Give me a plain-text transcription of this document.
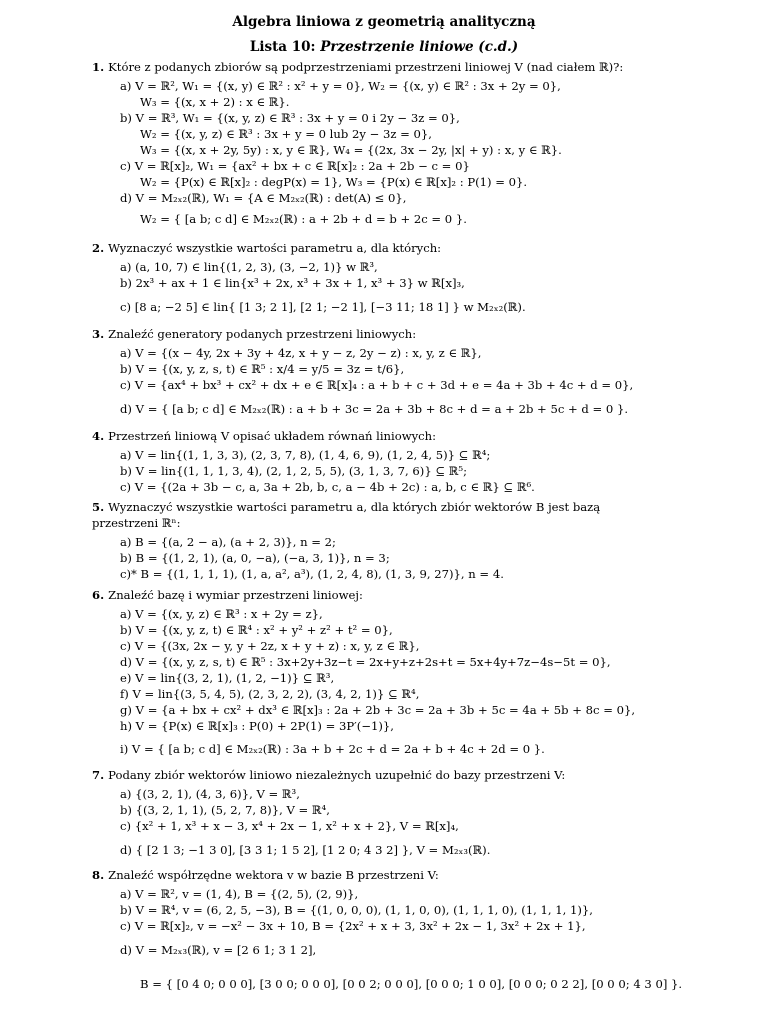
Algebra liniowa z geometrią analityczną
Lista 10: Przestrzenie liniowe (c.d.)
1. Które z podanych zbiorów są podprzestrzeniami przestrzeni liniowej V (nad ciałem ℝ)?:
a) V = ℝ², W₁ = {(x, y) ∈ ℝ² : x² + y = 0}, W₂ = {(x, y) ∈ ℝ² : 3x + 2y = 0},
W₃ = {(x, x + 2) : x ∈ ℝ}.
b) V = ℝ³, W₁ = {(x, y, z) ∈ ℝ³ : 3x + y = 0 i 2y − 3z = 0},
W₂ = {(x, y, z) ∈ ℝ³ : 3x + y = 0 lub 2y − 3z = 0},
W₃ = {(x, x + 2y, 5y) : x, y ∈ ℝ}, W₄ = {(2x, 3x − 2y, |x| + y) : x, y ∈ ℝ}.
c) V = ℝ[x]₂, W₁ = {ax² + bx + c ∈ ℝ[x]₂ : 2a + 2b − c = 0}
W₂ = {P(x) ∈ ℝ[x]₂ : degP(x) = 1}, W₃ = {P(x) ∈ ℝ[x]₂ : P(1) = 0}.
d) V = M₂ₓ₂(ℝ), W₁ = {A ∈ M₂ₓ₂(ℝ) : det(A) ≤ 0},
W₂ = { [a b; c d] ∈ M₂ₓ₂(ℝ) : a + 2b + d = b + 2c = 0 }.
2. Wyznaczyć wszystkie wartości parametru a, dla których:
a) (a, 10, 7) ∈ lin{(1, 2, 3), (3, −2, 1)} w ℝ³,
b) 2x³ + ax + 1 ∈ lin{x³ + 2x, x³ + 3x + 1, x³ + 3} w ℝ[x]₃,
c) [8 a; −2 5] ∈ lin{ [1 3; 2 1], [2 1; −2 1], [−3 11; 18 1] } w M₂ₓ₂(ℝ).
3. Znaleźć generatory podanych przestrzeni liniowych:
a) V = {(x − 4y, 2x + 3y + 4z, x + y − z, 2y − z) : x, y, z ∈ ℝ},
b) V = {(x, y, z, s, t) ∈ ℝ⁵ : x/4 = y/5 = 3z = t/6},
c) V = {ax⁴ + bx³ + cx² + dx + e ∈ ℝ[x]₄ : a + b + c + 3d + e = 4a + 3b + 4c + d = 0},
d) V = { [a b; c d] ∈ M₂ₓ₂(ℝ) : a + b + 3c = 2a + 3b + 8c + d = a + 2b + 5c + d = 0 }.
4. Przestrzeń liniową V opisać układem równań liniowych:
a) V = lin{(1, 1, 3, 3), (2, 3, 7, 8), (1, 4, 6, 9), (1, 2, 4, 5)} ⊆ ℝ⁴;
b) V = lin{(1, 1, 1, 3, 4), (2, 1, 2, 5, 5), (3, 1, 3, 7, 6)} ⊆ ℝ⁵;
c) V = {(2a + 3b − c, a, 3a + 2b, b, c, a − 4b + 2c) : a, b, c ∈ ℝ} ⊆ ℝ⁶.
5. Wyznaczyć wszystkie wartości parametru a, dla których zbiór wektorów B jest bazą
przestrzeni ℝⁿ:
a) B = {(a, 2 − a), (a + 2, 3)}, n = 2;
b) B = {(1, 2, 1), (a, 0, −a), (−a, 3, 1)}, n = 3;
c)* B = {(1, 1, 1, 1), (1, a, a², a³), (1, 2, 4, 8), (1, 3, 9, 27)}, n = 4.
6. Znaleźć bazę i wymiar przestrzeni liniowej:
a) V = {(x, y, z) ∈ ℝ³ : x + 2y = z},
b) V = {(x, y, z, t) ∈ ℝ⁴ : x² + y² + z² + t² = 0},
c) V = {(3x, 2x − y, y + 2z, x + y + z) : x, y, z ∈ ℝ},
d) V = {(x, y, z, s, t) ∈ ℝ⁵ : 3x+2y+3z−t = 2x+y+z+2s+t = 5x+4y+7z−4s−5t = 0},
e) V = lin{(3, 2, 1), (1, 2, −1)} ⊆ ℝ³,
f) V = lin{(3, 5, 4, 5), (2, 3, 2, 2), (3, 4, 2, 1)} ⊆ ℝ⁴,
g) V = {a + bx + cx² + dx³ ∈ ℝ[x]₃ : 2a + 2b + 3c = 2a + 3b + 5c = 4a + 5b + 8c = 0},
h) V = {P(x) ∈ ℝ[x]₃ : P(0) + 2P(1) = 3P′(−1)},
i) V = { [a b; c d] ∈ M₂ₓ₂(ℝ) : 3a + b + 2c + d = 2a + b + 4c + 2d = 0 }.
7. Podany zbiór wektorów liniowo niezależnych uzupełnić do bazy przestrzeni V:
a) {(3, 2, 1), (4, 3, 6)}, V = ℝ³,
b) {(3, 2, 1, 1), (5, 2, 7, 8)}, V = ℝ⁴,
c) {x² + 1, x³ + x − 3, x⁴ + 2x − 1, x² + x + 2}, V = ℝ[x]₄,
d) { [2 1 3; −1 3 0], [3 3 1; 1 5 2], [1 2 0; 4 3 2] }, V = M₂ₓ₃(ℝ).
8. Znaleźć współrzędne wektora v w bazie B przestrzeni V:
a) V = ℝ², v = (1, 4), B = {(2, 5), (2, 9)},
b) V = ℝ⁴, v = (6, 2, 5, −3), B = {(1, 0, 0, 0), (1, 1, 0, 0), (1, 1, 1, 0), (1, 1, 1, 1)},
c) V = ℝ[x]₂, v = −x² − 3x + 10, B = {2x² + x + 3, 3x² + 2x − 1, 3x² + 2x + 1},
d) V = M₂ₓ₃(ℝ), v = [2 6 1; 3 1 2],
B = { [0 4 0; 0 0 0], [3 0 0; 0 0 0], [0 0 2; 0 0 0], [0 0 0; 1 0 0], [0 0 0; 0 2 2], [0 0 0; 4 3 0] }.
